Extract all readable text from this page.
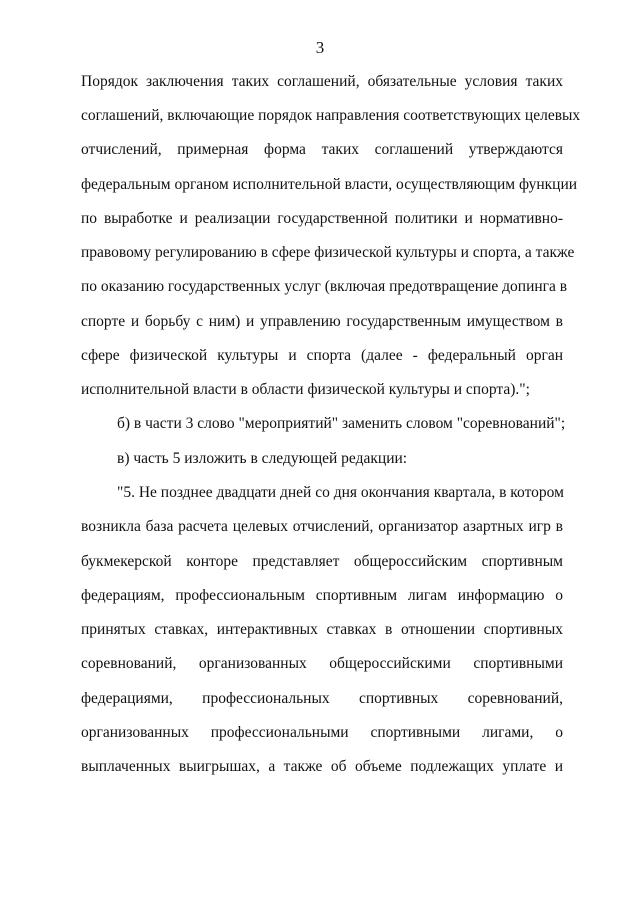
3
Порядок заключения таких соглашений, обязательные условия таких
соглашений, включающие порядок направления соответствующих целевых
отчислений, примерная форма таких соглашений утверждаются
федеральным органом исполнительной власти, осуществляющим функции
по выработке и реализации государственной политики и нормативно-
правовому регулированию в сфере физической культуры и спорта, а также
по оказанию государственных услуг (включая предотвращение допинга в
спорте и борьбу с ним) и управлению государственным имуществом в
сфере физической культуры и спорта (далее - федеральный орган
исполнительной власти в области физической культуры и спорта).";
б) в части 3 слово "мероприятий" заменить словом "соревнований";
в) часть 5 изложить в следующей редакции:
"5. Не позднее двадцати дней со дня окончания квартала, в котором
возникла база расчета целевых отчислений, организатор азартных игр в
букмекерской конторе представляет общероссийским спортивным
федерациям, профессиональным спортивным лигам информацию о
принятых ставках, интерактивных ставках в отношении спортивных
соревнований, организованных общероссийскими спортивными
федерациями, профессиональных спортивных соревнований,
организованных профессиональными спортивными лигами, о
выплаченных выигрышах, а также об объеме подлежащих уплате и
